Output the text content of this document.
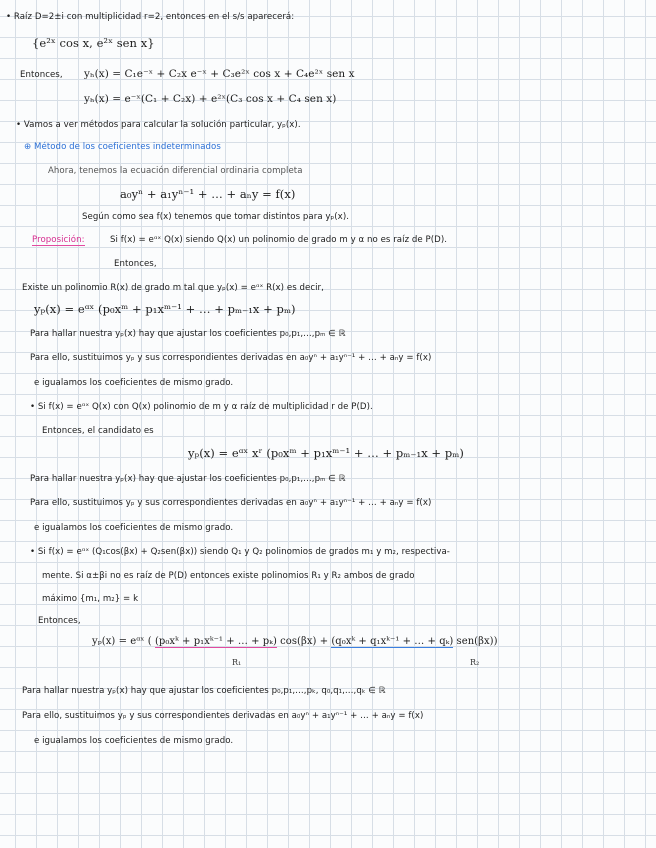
• Raíz D=2±i con multiplicidad r=2, entonces en el s/s aparecerá:
{e²ˣ cos x, e²ˣ sen x}
Entonces, yₕ(x) = C₁e⁻ˣ + C₂x e⁻ˣ + C₃e²ˣ cos x + C₄e²ˣ sen x
yₕ(x) = e⁻ˣ(C₁ + C₂x) + e²ˣ(C₃ cos x + C₄ sen x)
• Vamos a ver métodos para calcular la solución particular, yₚ(x).
⊕ Método de los coeficientes indeterminados
Ahora, tenemos la ecuación diferencial ordinaria completa
a₀yⁿ + a₁yⁿ⁻¹ + … + aₙy = f(x)
Según como sea f(x) tenemos que tomar distintos para yₚ(x).
Proposición:	Si f(x) = eᵅˣ Q(x) siendo Q(x) un polinomio de grado m y α no es raíz de P(D).
Entonces,
Existe un polinomio R(x) de grado m tal que yₚ(x) = eᵅˣ R(x) es decir,
yₚ(x) = eᵅˣ (p₀xᵐ + p₁xᵐ⁻¹ + … + pₘ₋₁x + pₘ)
Para hallar nuestra yₚ(x) hay que ajustar los coeficientes p₀,p₁,…,pₘ ∈ ℝ
Para ello, sustituimos yₚ y sus correspondientes derivadas en a₀yⁿ + a₁yⁿ⁻¹ + … + aₙy = f(x)
e igualamos los coeficientes de mismo grado.
• Si f(x) = eᵅˣ Q(x) con Q(x) polinomio de m y α raíz de multiplicidad r de P(D).
Entonces, el candidato es
yₚ(x) = eᵅˣ xʳ (p₀xᵐ + p₁xᵐ⁻¹ + … + pₘ₋₁x + pₘ)
Para hallar nuestra yₚ(x) hay que ajustar los coeficientes p₀,p₁,…,pₘ ∈ ℝ
Para ello, sustituimos yₚ y sus correspondientes derivadas en a₀yⁿ + a₁yⁿ⁻¹ + … + aₙy = f(x)
e igualamos los coeficientes de mismo grado.
• Si f(x) = eᵅˣ (Q₁cos(βx) + Q₂sen(βx)) siendo Q₁ y Q₂ polinomios de grados m₁ y m₂, respectiva-
mente. Si α±βi no es raíz de P(D) entonces existe polinomios R₁ y R₂ ambos de grado
máximo {m₁, m₂} = k
Entonces,
yₚ(x) = eᵅˣ ( (p₀xᵏ + p₁xᵏ⁻¹ + … + pₖ) cos(βx) + (q₀xᵏ + q₁xᵏ⁻¹ + … + qₖ) sen(βx))
R₁	R₂
Para hallar nuestra yₚ(x) hay que ajustar los coeficientes p₀,p₁,…,pₖ, q₀,q₁,…,qₖ ∈ ℝ
Para ello, sustituimos yₚ y sus correspondientes derivadas en a₀yⁿ + a₁yⁿ⁻¹ + … + aₙy = f(x)
e igualamos los coeficientes de mismo grado.
